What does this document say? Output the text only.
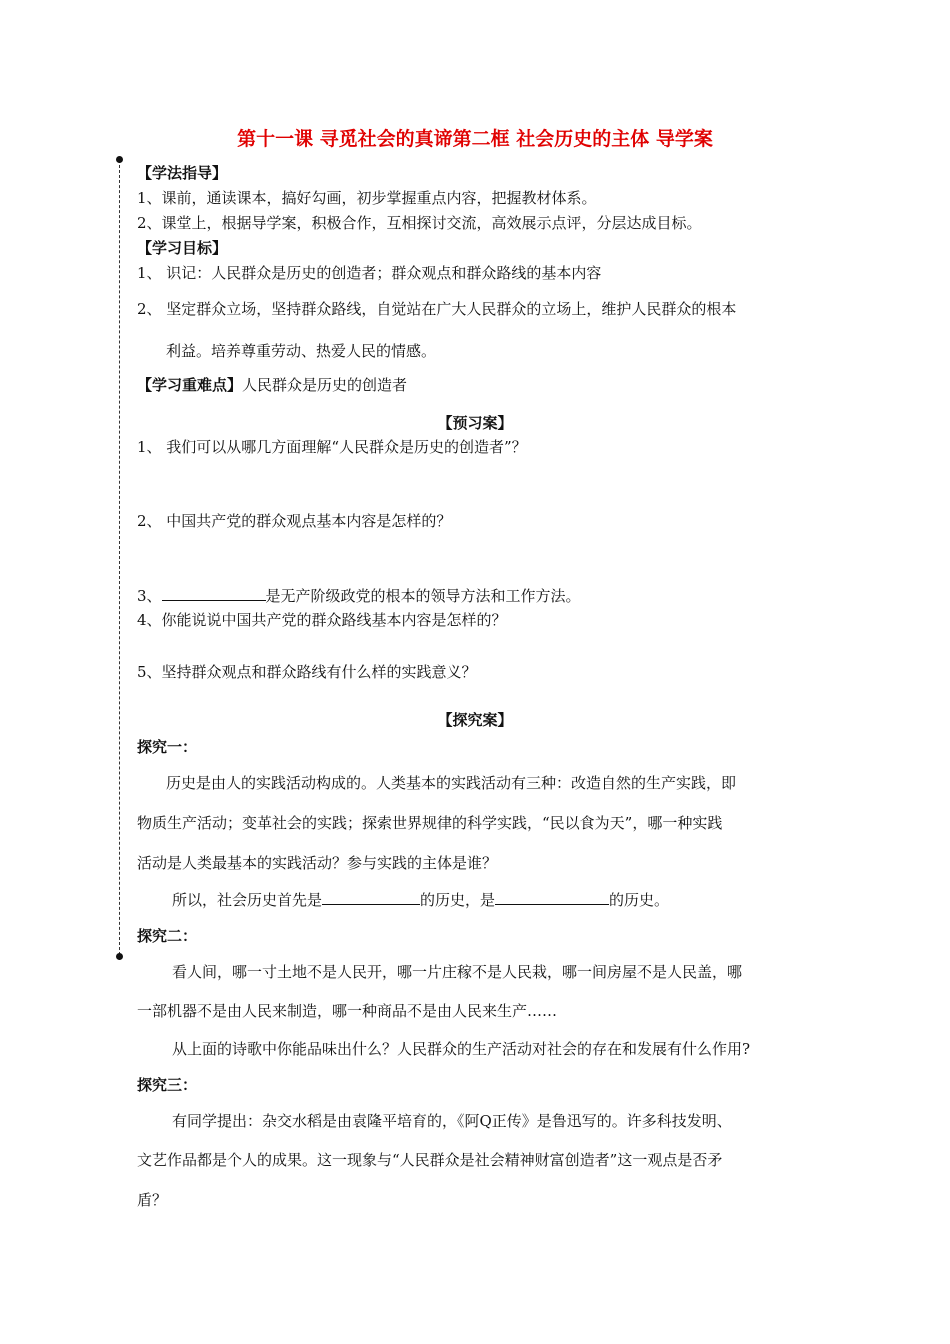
第十一课 寻觅社会的真谛第二框 社会历史的主体 导学案
【学法指导】
1、课前，通读课本，搞好勾画，初步掌握重点内容，把握教材体系。
2、课堂上，根据导学案，积极合作，互相探讨交流，高效展示点评，分层达成目标。
【学习目标】
1、 识记：人民群众是历史的创造者；群众观点和群众路线的基本内容
2、 坚定群众立场，坚持群众路线，自觉站在广大人民群众的立场上，维护人民群众的根本
利益。培养尊重劳动、热爱人民的情感。
【学习重难点】人民群众是历史的创造者
【预习案】
1、 我们可以从哪几方面理解“人民群众是历史的创造者”？
2、 中国共产党的群众观点基本内容是怎样的？
3、	是无产阶级政党的根本的领导方法和工作方法。
4、你能说说中国共产党的群众路线基本内容是怎样的？
5、坚持群众观点和群众路线有什么样的实践意义？
【探究案】
探究一：
历史是由人的实践活动构成的。人类基本的实践活动有三种：改造自然的生产实践，即
物质生产活动；变革社会的实践；探索世界规律的科学实践，“民以食为天”，哪一种实践
活动是人类最基本的实践活动？参与实践的主体是谁？
所以，社会历史首先是	的历史，是	的历史。
探究二：
看人间，哪一寸土地不是人民开，哪一片庄稼不是人民栽，哪一间房屋不是人民盖，哪
一部机器不是由人民来制造，哪一种商品不是由人民来生产……
从上面的诗歌中你能品味出什么？人民群众的生产活动对社会的存在和发展有什么作用?
探究三：
有同学提出：杂交水稻是由袁隆平培育的，《阿Q正传》是鲁迅写的。许多科技发明、
文艺作品都是个人的成果。这一现象与“人民群众是社会精神财富创造者”这一观点是否矛
盾？
